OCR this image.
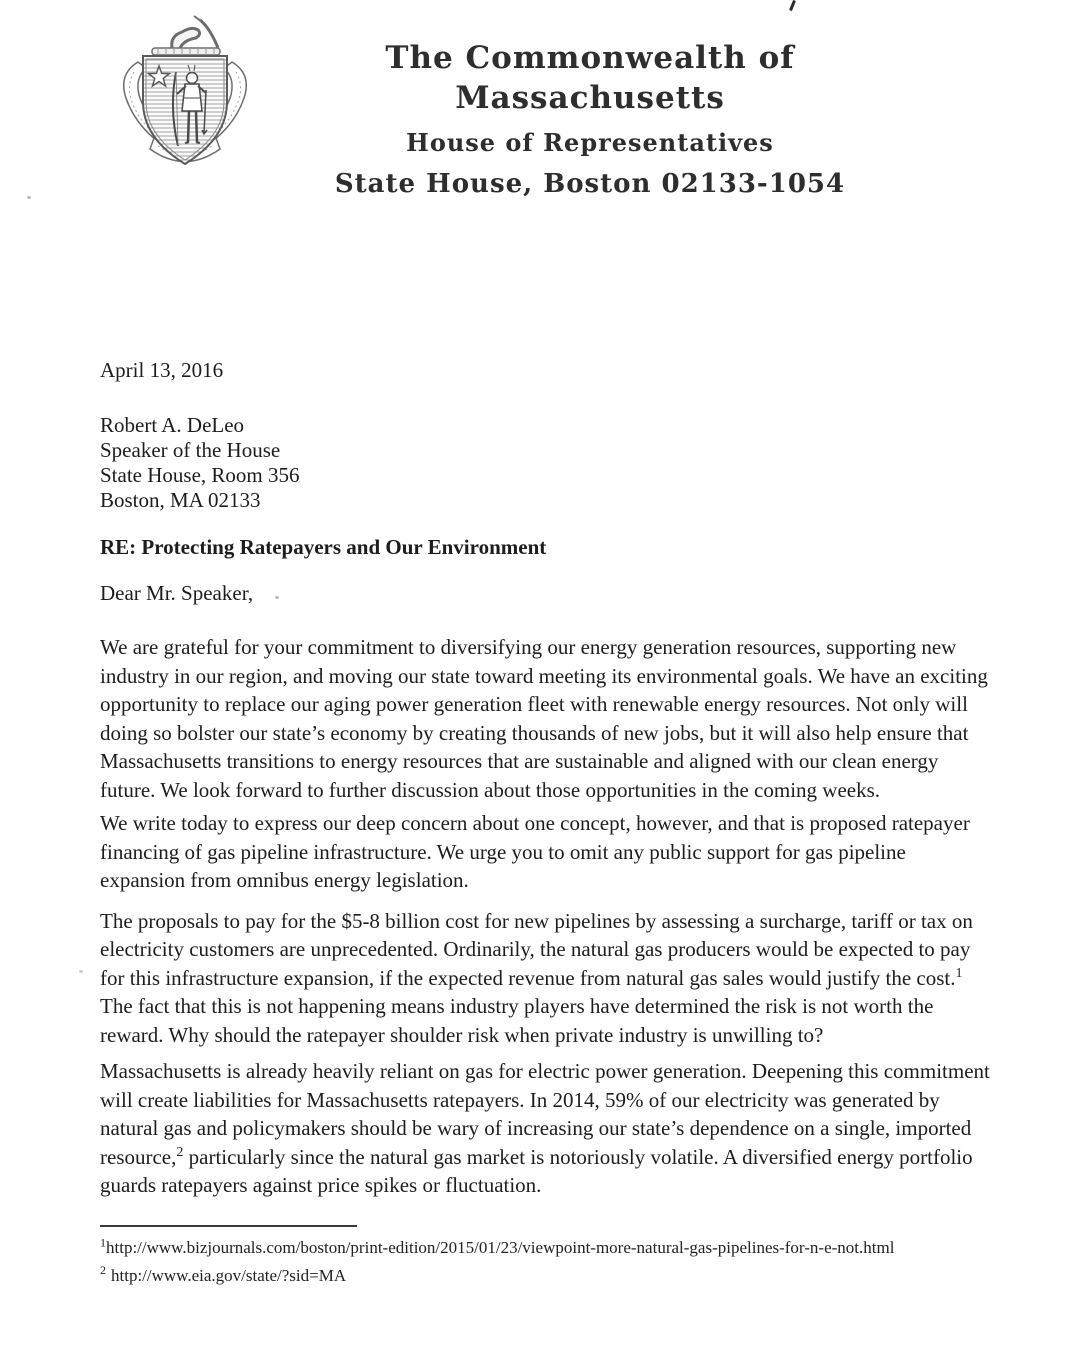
The Commonwealth of Massachusetts
House of Representatives
State House, Boston 02133-1054
April 13, 2016
Robert A. DeLeo
Speaker of the House
State House, Room 356
Boston, MA 02133
RE: Protecting Ratepayers and Our Environment
Dear Mr. Speaker,

We are grateful for your commitment to diversifying our energy generation resources, supporting new industry in our region, and moving our state toward meeting its environmental goals. We have an exciting opportunity to replace our aging power generation fleet with renewable energy resources. Not only will doing so bolster our state’s economy by creating thousands of new jobs, but it will also help ensure that Massachusetts transitions to energy resources that are sustainable and aligned with our clean energy future. We look forward to further discussion about those opportunities in the coming weeks.

We write today to express our deep concern about one concept, however, and that is proposed ratepayer financing of gas pipeline infrastructure. We urge you to omit any public support for gas pipeline expansion from omnibus energy legislation.

The proposals to pay for the $5-8 billion cost for new pipelines by assessing a surcharge, tariff or tax on electricity customers are unprecedented. Ordinarily, the natural gas producers would be expected to pay for this infrastructure expansion, if the expected revenue from natural gas sales would justify the cost.$^1$ The fact that this is not happening means industry players have determined the risk is not worth the reward. Why should the ratepayer shoulder risk when private industry is unwilling to?

Massachusetts is already heavily reliant on gas for electric power generation. Deepening this commitment will create liabilities for Massachusetts ratepayers. In 2014, 59% of our electricity was generated by natural gas and policymakers should be wary of increasing our state’s dependence on a single, imported resource,$^2$ particularly since the natural gas market is notoriously volatile. A diversified energy portfolio guards ratepayers against price spikes or fluctuation.

$^1$http://www.bizjournals.com/boston/print-edition/2015/01/23/viewpoint-more-natural-gas-pipelines-for-n-e-not.html
$^2$ http://www.eia.gov/state/?sid=MA
